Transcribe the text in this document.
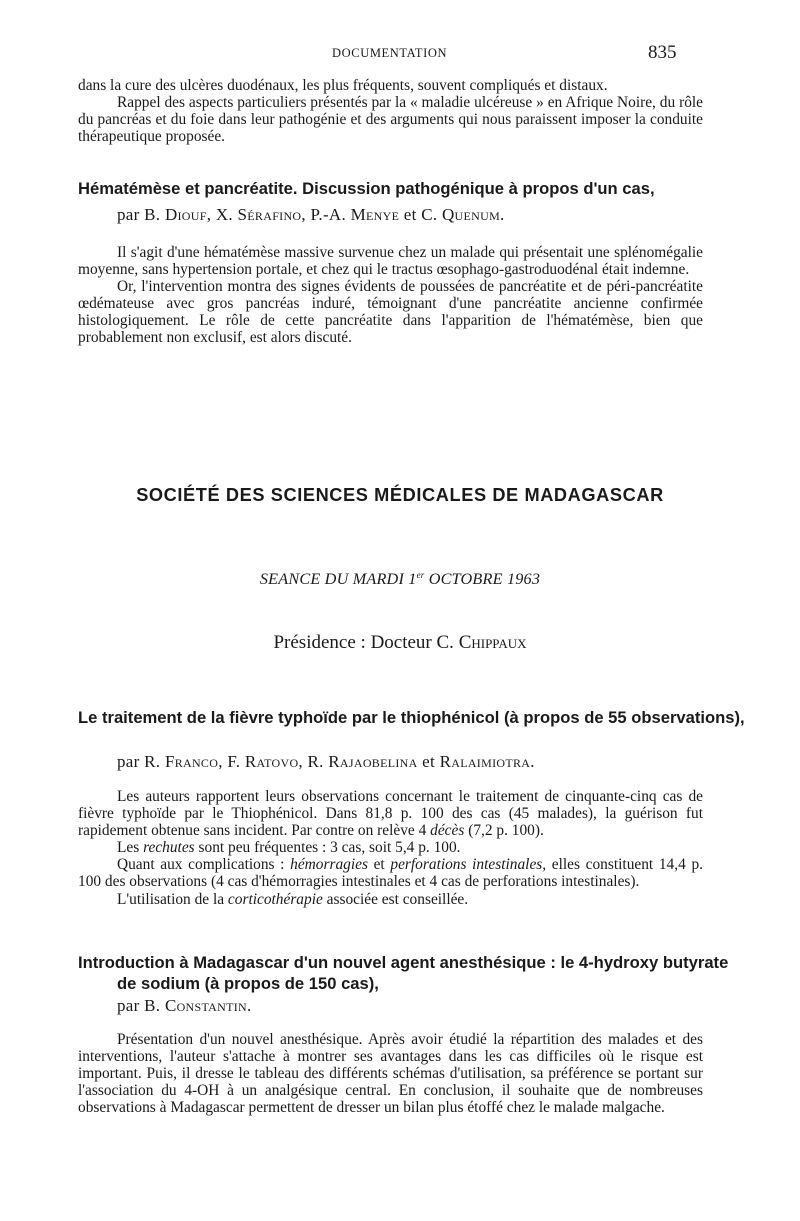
DOCUMENTATION	835

dans la cure des ulcères duodénaux, les plus fréquents, souvent compliqués et distaux.

Rappel des aspects particuliers présentés par la « maladie ulcéreuse » en Afrique Noire, du rôle du pancréas et du foie dans leur pathogénie et des arguments qui nous paraissent imposer la conduite thérapeutique proposée.

Hématémèse et pancréatite. Discussion pathogénique à propos d'un cas,
par B. Diouf, X. Sérafino, P.-A. Menye et C. Quenum.

Il s'agit d'une hématémèse massive survenue chez un malade qui présentait une splénomégalie moyenne, sans hypertension portale, et chez qui le tractus œsophago-gastroduodénal était indemne.

Or, l'intervention montra des signes évidents de poussées de pancréatite et de péri-pancréatite œdémateuse avec gros pancréas induré, témoignant d'une pancréatite ancienne confirmée histologiquement. Le rôle de cette pancréatite dans l'apparition de l'hématémèse, bien que probablement non exclusif, est alors discuté.

SOCIÉTÉ DES SCIENCES MÉDICALES DE MADAGASCAR
SEANCE DU MARDI 1er OCTOBRE 1963
Présidence : Docteur C. Chippaux
Le traitement de la fièvre typhoïde par le thiophénicol (à propos de 55 observations),
par R. Franco, F. Ratovo, R. Rajaobelina et Ralaimiotra.

Les auteurs rapportent leurs observations concernant le traitement de cinquante-cinq cas de fièvre typhoïde par le Thiophénicol. Dans 81,8 p. 100 des cas (45 malades), la guérison fut rapidement obtenue sans incident. Par contre on relève 4 décès (7,2 p. 100).

Les rechutes sont peu fréquentes : 3 cas, soit 5,4 p. 100.

Quant aux complications : hémorragies et perforations intestinales, elles constituent 14,4 p. 100 des observations (4 cas d'hémorragies intestinales et 4 cas de perforations intestinales).

L'utilisation de la corticothérapie associée est conseillée.

Introduction à Madagascar d'un nouvel agent anesthésique : le 4-hydroxy butyrate de sodium (à propos de 150 cas),
par B. Constantin.

Présentation d'un nouvel anesthésique. Après avoir étudié la répartition des malades et des interventions, l'auteur s'attache à montrer ses avantages dans les cas difficiles où le risque est important. Puis, il dresse le tableau des différents schémas d'utilisation, sa préférence se portant sur l'association du 4-OH à un analgésique central. En conclusion, il souhaite que de nombreuses observations à Madagascar permettent de dresser un bilan plus étoffé chez le malade malgache.
